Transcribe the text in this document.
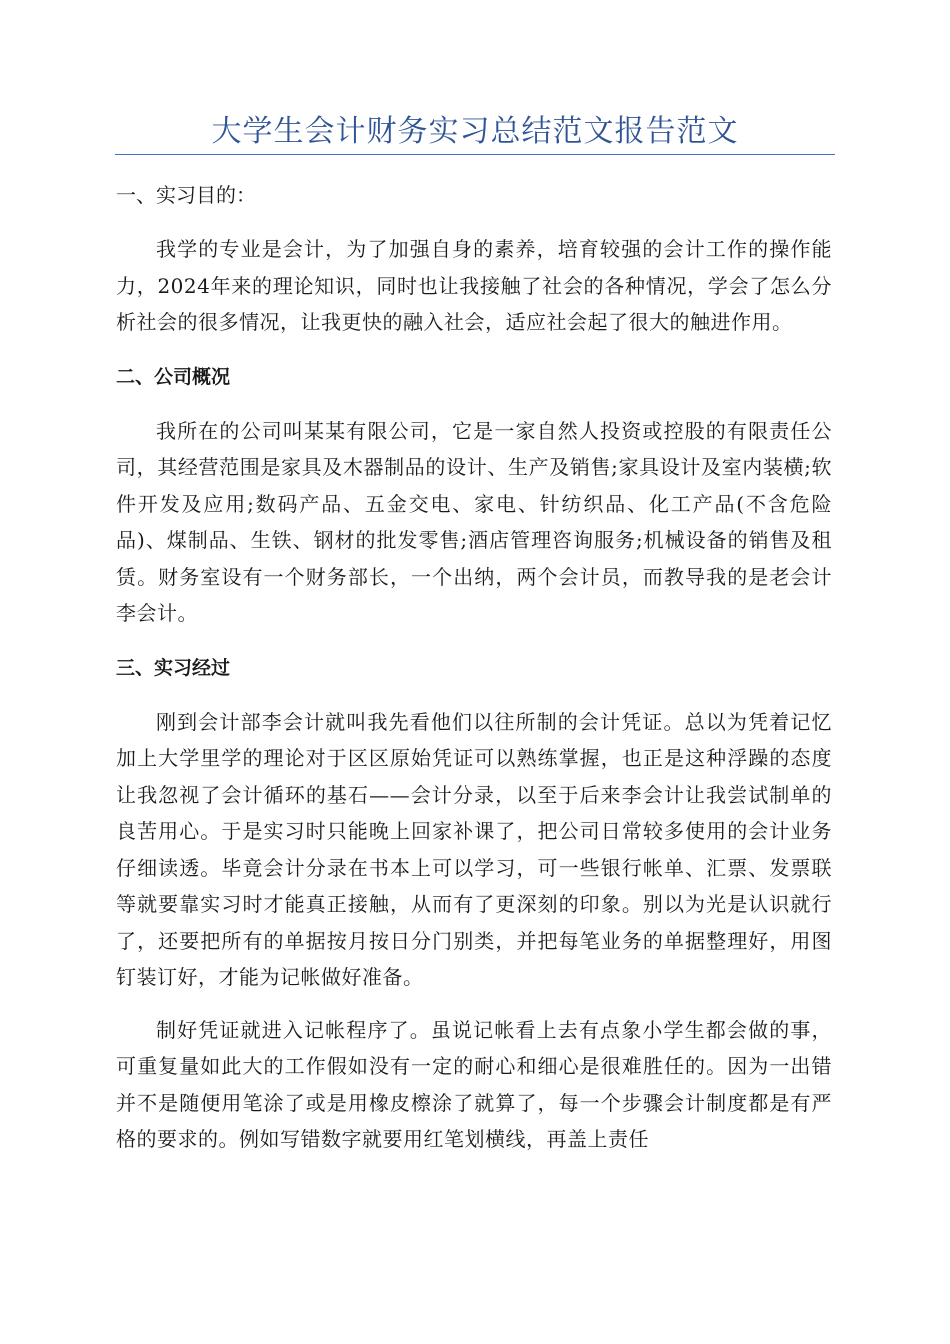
大学生会计财务实习总结范文报告范文

一、实习目的：

我学的专业是会计，为了加强自身的素养，培育较强的会计工作的操作能力，2024年来的理论知识，同时也让我接触了社会的各种情况，学会了怎么分析社会的很多情况，让我更快的融入社会，适应社会起了很大的触进作用。

二、公司概况

我所在的公司叫某某有限公司，它是一家自然人投资或控股的有限责任公司，其经营范围是家具及木器制品的设计、生产及销售;家具设计及室内装横;软件开发及应用;数码产品、五金交电、家电、针纺织品、化工产品(不含危险品)、煤制品、生铁、钢材的批发零售;酒店管理咨询服务;机械设备的销售及租赁。财务室设有一个财务部长，一个出纳，两个会计员，而教导我的是老会计李会计。

三、实习经过

刚到会计部李会计就叫我先看他们以往所制的会计凭证。总以为凭着记忆加上大学里学的理论对于区区原始凭证可以熟练掌握，也正是这种浮躁的态度让我忽视了会计循环的基石——会计分录，以至于后来李会计让我尝试制单的良苦用心。于是实习时只能晚上回家补课了，把公司日常较多使用的会计业务仔细读透。毕竟会计分录在书本上可以学习，可一些银行帐单、汇票、发票联等就要靠实习时才能真正接触，从而有了更深刻的印象。别以为光是认识就行了，还要把所有的单据按月按日分门别类，并把每笔业务的单据整理好，用图钉装订好，才能为记帐做好准备。

制好凭证就进入记帐程序了。虽说记帐看上去有点象小学生都会做的事，可重复量如此大的工作假如没有一定的耐心和细心是很难胜任的。因为一出错并不是随便用笔涂了或是用橡皮檫涂了就算了，每一个步骤会计制度都是有严格的要求的。例如写错数字就要用红笔划横线，再盖上责任
